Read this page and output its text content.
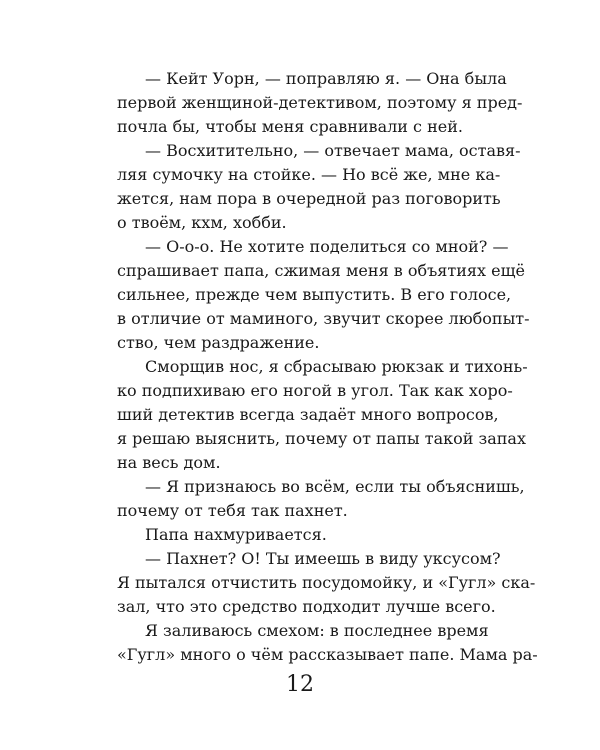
— Кейт Уорн, — поправляю я. — Она была
первой женщиной-детективом, поэтому я пред-
почла бы, чтобы меня сравнивали с ней.
— Восхитительно, — отвечает мама, оставя-
ляя сумочку на стойке. — Но всё же, мне ка-
жется, нам пора в очередной раз поговорить
о твоём, кхм, хобби.
— О-о-о. Не хотите поделиться со мной? —
спрашивает папа, сжимая меня в объятиях ещё
сильнее, прежде чем выпустить. В его голосе,
в отличие от маминого, звучит скорее любопыт-
ство, чем раздражение.
Сморщив нос, я сбрасываю рюкзак и тихонь-
ко подпихиваю его ногой в угол. Так как хоро-
ший детектив всегда задаёт много вопросов,
я решаю выяснить, почему от папы такой запах
на весь дом.
— Я признаюсь во всём, если ты объяснишь,
почему от тебя так пахнет.
Папа нахмуривается.
— Пахнет? О! Ты имеешь в виду уксусом?
Я пытался отчистить посудомойку, и «Гугл» ска-
зал, что это средство подходит лучше всего.
Я заливаюсь смехом: в последнее время
«Гугл» много о чём рассказывает папе. Мама ра-
12
